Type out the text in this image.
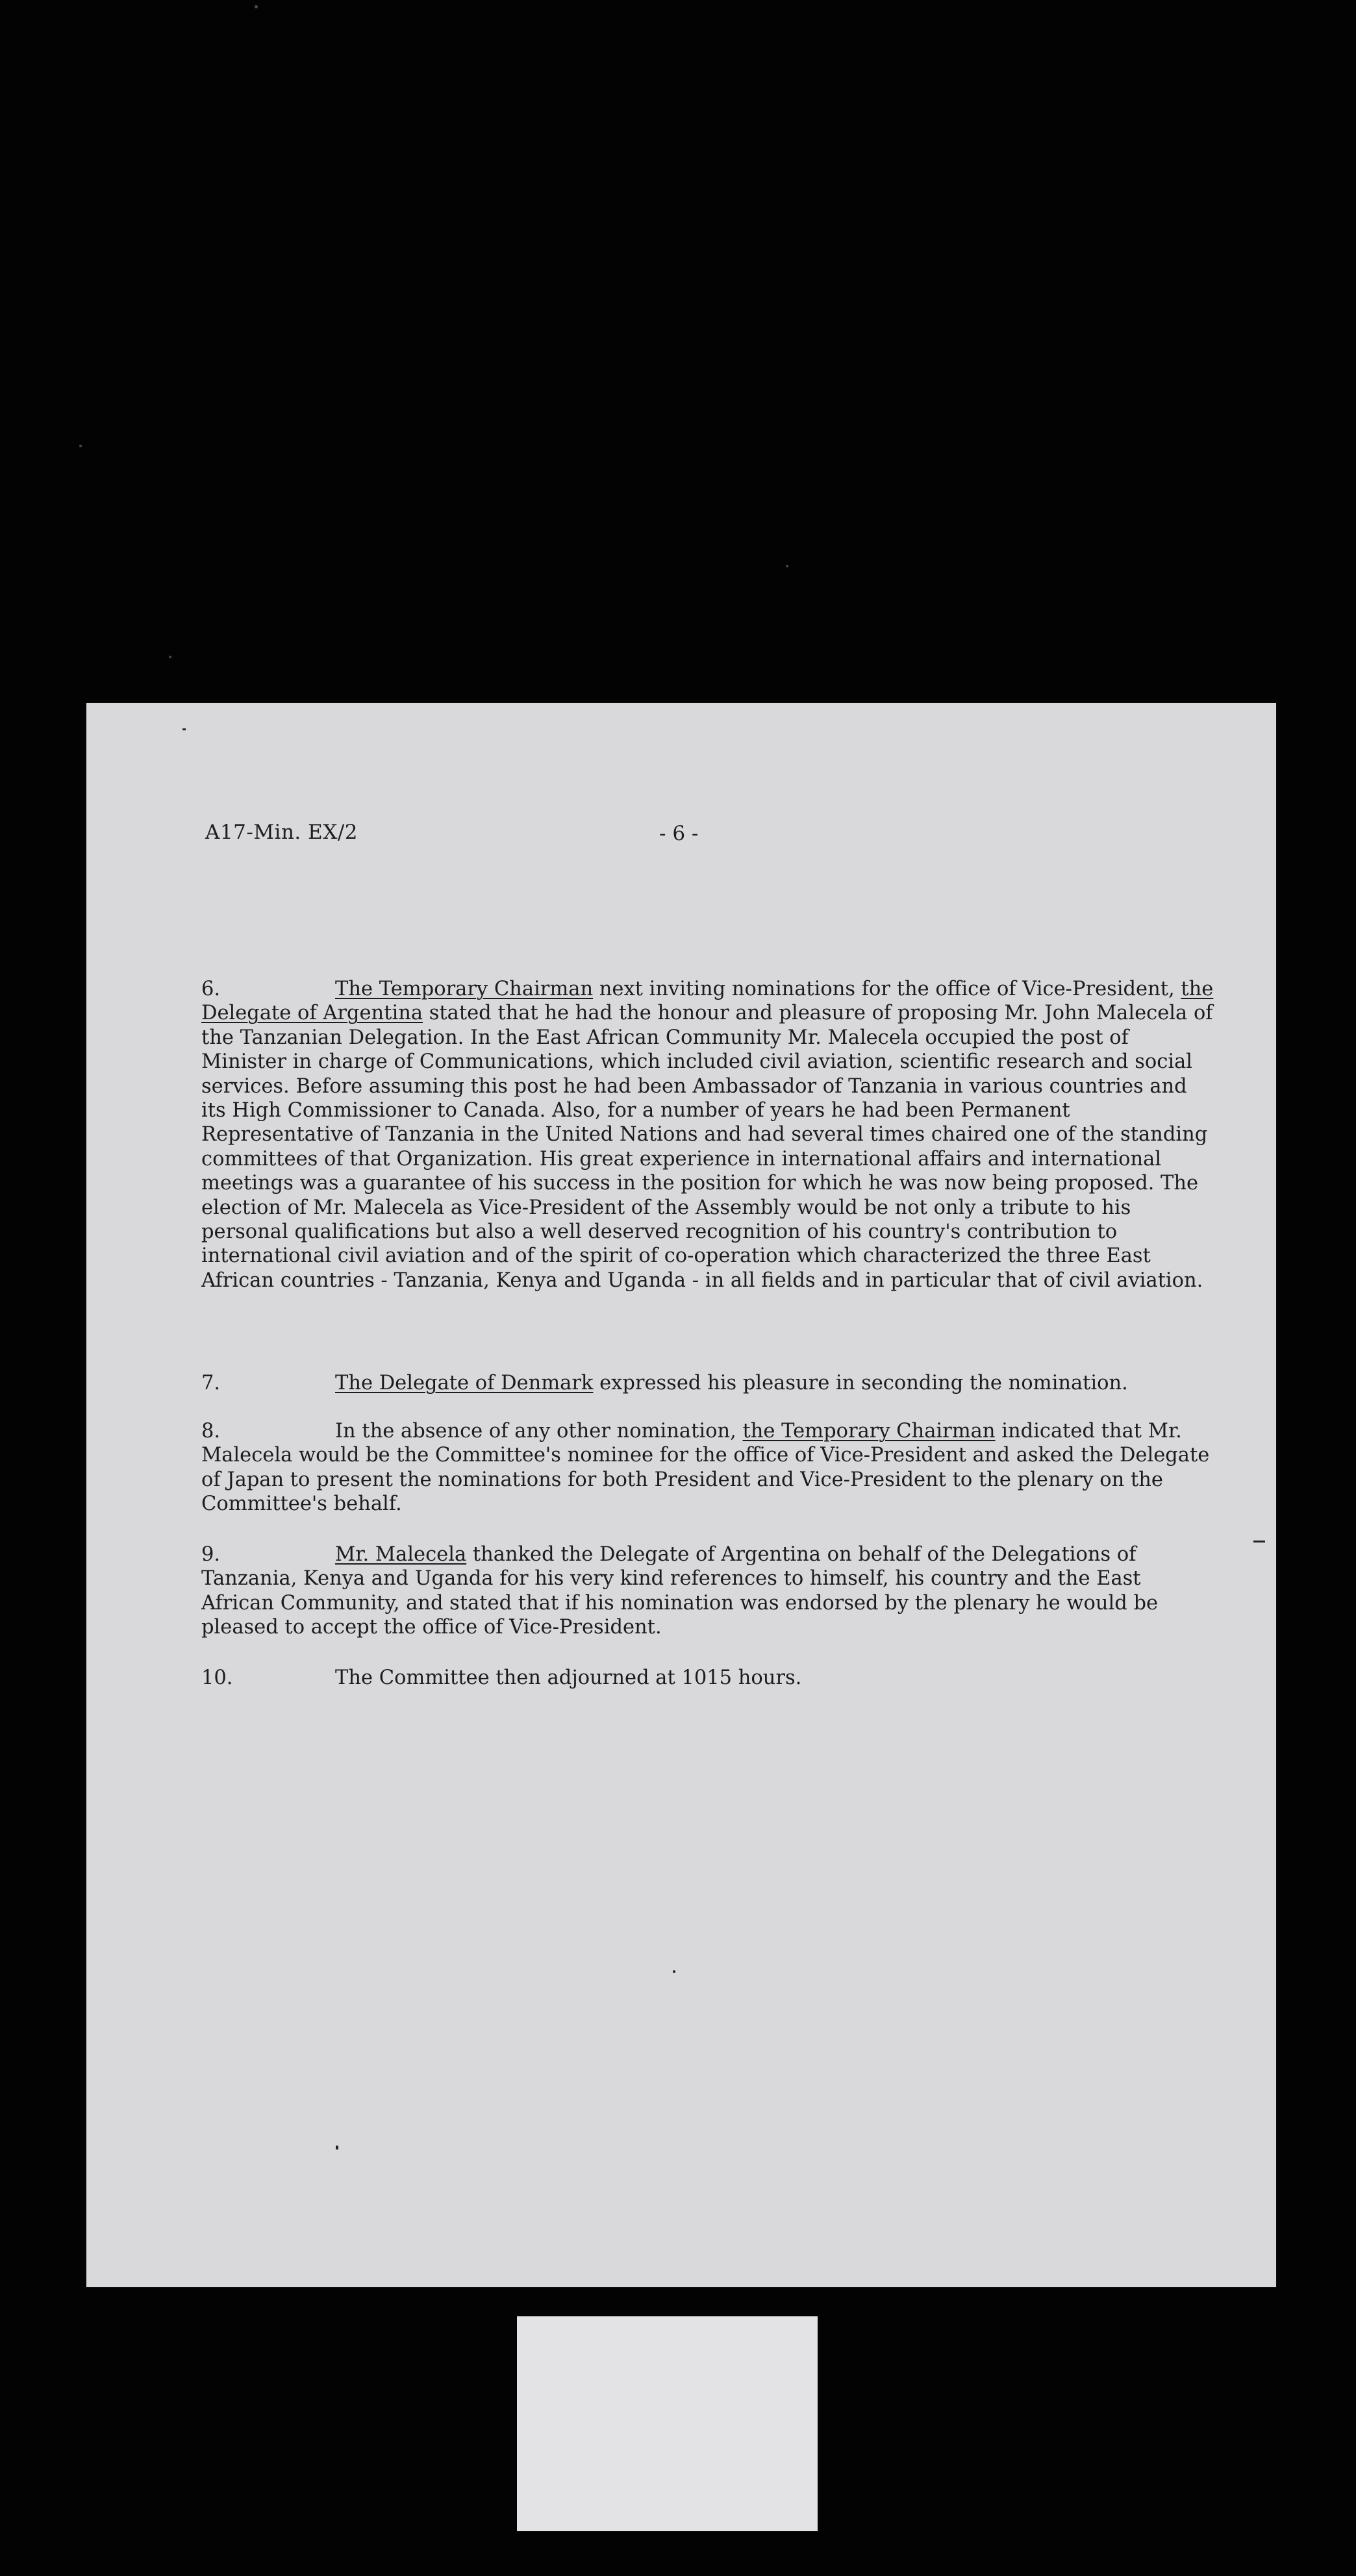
A17-Min. EX/2	- 6 -

6.	The Temporary Chairman next inviting nominations for the office of Vice-President, the Delegate of Argentina stated that he had the honour and pleasure of proposing Mr. John Malecela of the Tanzanian Delegation. In the East African Community Mr. Malecela occupied the post of Minister in charge of Communications, which included civil aviation, scientific research and social services. Before assuming this post he had been Ambassador of Tanzania in various countries and its High Commissioner to Canada. Also, for a number of years he had been Permanent Representative of Tanzania in the United Nations and had several times chaired one of the standing committees of that Organization. His great experience in international affairs and international meetings was a guarantee of his success in the position for which he was now being proposed. The election of Mr. Malecela as Vice-President of the Assembly would be not only a tribute to his personal qualifications but also a well deserved recognition of his country's contribution to international civil aviation and of the spirit of co-operation which characterized the three East African countries - Tanzania, Kenya and Uganda - in all fields and in particular that of civil aviation.

7.	The Delegate of Denmark expressed his pleasure in seconding the nomination.

8.	In the absence of any other nomination, the Temporary Chairman indicated that Mr. Malecela would be the Committee's nominee for the office of Vice-President and asked the Delegate of Japan to present the nominations for both President and Vice-President to the plenary on the Committee's behalf.

9.	Mr. Malecela thanked the Delegate of Argentina on behalf of the Delegations of Tanzania, Kenya and Uganda for his very kind references to himself, his country and the East African Community, and stated that if his nomination was endorsed by the plenary he would be pleased to accept the office of Vice-President.

10.	The Committee then adjourned at 1015 hours.
